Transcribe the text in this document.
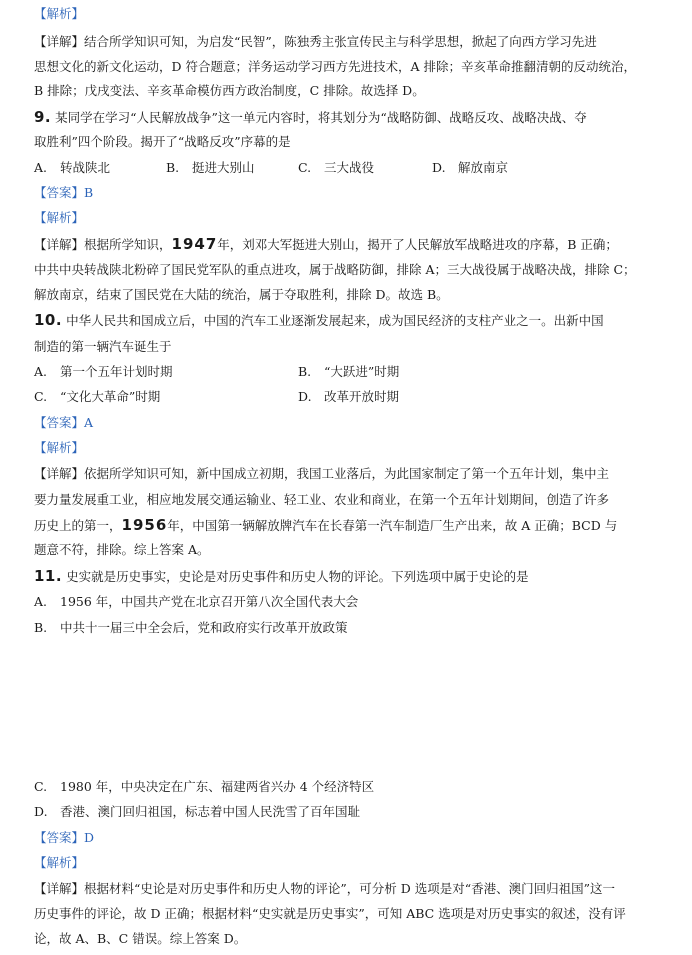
【解析】
【详解】结合所学知识可知，为启发“民智”，陈独秀主张宣传民主与科学思想，掀起了向西方学习先进
思想文化的新文化运动，D 符合题意；洋务运动学习西方先进技术，A 排除；辛亥革命推翻清朝的反动统治，
B 排除；戊戌变法、辛亥革命模仿西方政治制度，C 排除。故选择 D。
9. 某同学在学习“人民解放战争”这一单元内容时，将其划分为“战略防御、战略反攻、战略决战、夺
取胜利”四个阶段。揭开了“战略反攻”序幕的是
A. 转战陕北	B. 挺进大别山	C. 三大战役	D. 解放南京
【答案】B
【解析】
【详解】根据所学知识，1947年，刘邓大军挺进大别山，揭开了人民解放军战略进攻的序幕，B 正确；
中共中央转战陕北粉碎了国民党军队的重点进攻，属于战略防御，排除 A；三大战役属于战略决战，排除 C；
解放南京，结束了国民党在大陆的统治，属于夺取胜利，排除 D。故选 B。
10. 中华人民共和国成立后，中国的汽车工业逐渐发展起来，成为国民经济的支柱产业之一。出新中国
制造的第一辆汽车诞生于
A. 第一个五年计划时期	B. “大跃进”时期
C. “文化大革命”时期	D. 改革开放时期
【答案】A
【解析】
【详解】依据所学知识可知，新中国成立初期，我国工业落后，为此国家制定了第一个五年计划，集中主
要力量发展重工业，相应地发展交通运输业、轻工业、农业和商业，在第一个五年计划期间，创造了许多
历史上的第一，1956年，中国第一辆解放牌汽车在长春第一汽车制造厂生产出来，故 A 正确；BCD 与
题意不符，排除。综上答案 A。
11. 史实就是历史事实，史论是对历史事件和历史人物的评论。下列选项中属于史论的是
A. 1956 年，中国共产党在北京召开第八次全国代表大会
B. 中共十一届三中全会后，党和政府实行改革开放政策
C. 1980 年，中央决定在广东、福建两省兴办 4 个经济特区
D. 香港、澳门回归祖国，标志着中国人民洗雪了百年国耻
【答案】D
【解析】
【详解】根据材料“史论是对历史事件和历史人物的评论”，可分析 D 选项是对“香港、澳门回归祖国”这一
历史事件的评论，故 D 正确；根据材料“史实就是历史事实”，可知 ABC 选项是对历史事实的叙述，没有评
论，故 A、B、C 错误。综上答案 D。
